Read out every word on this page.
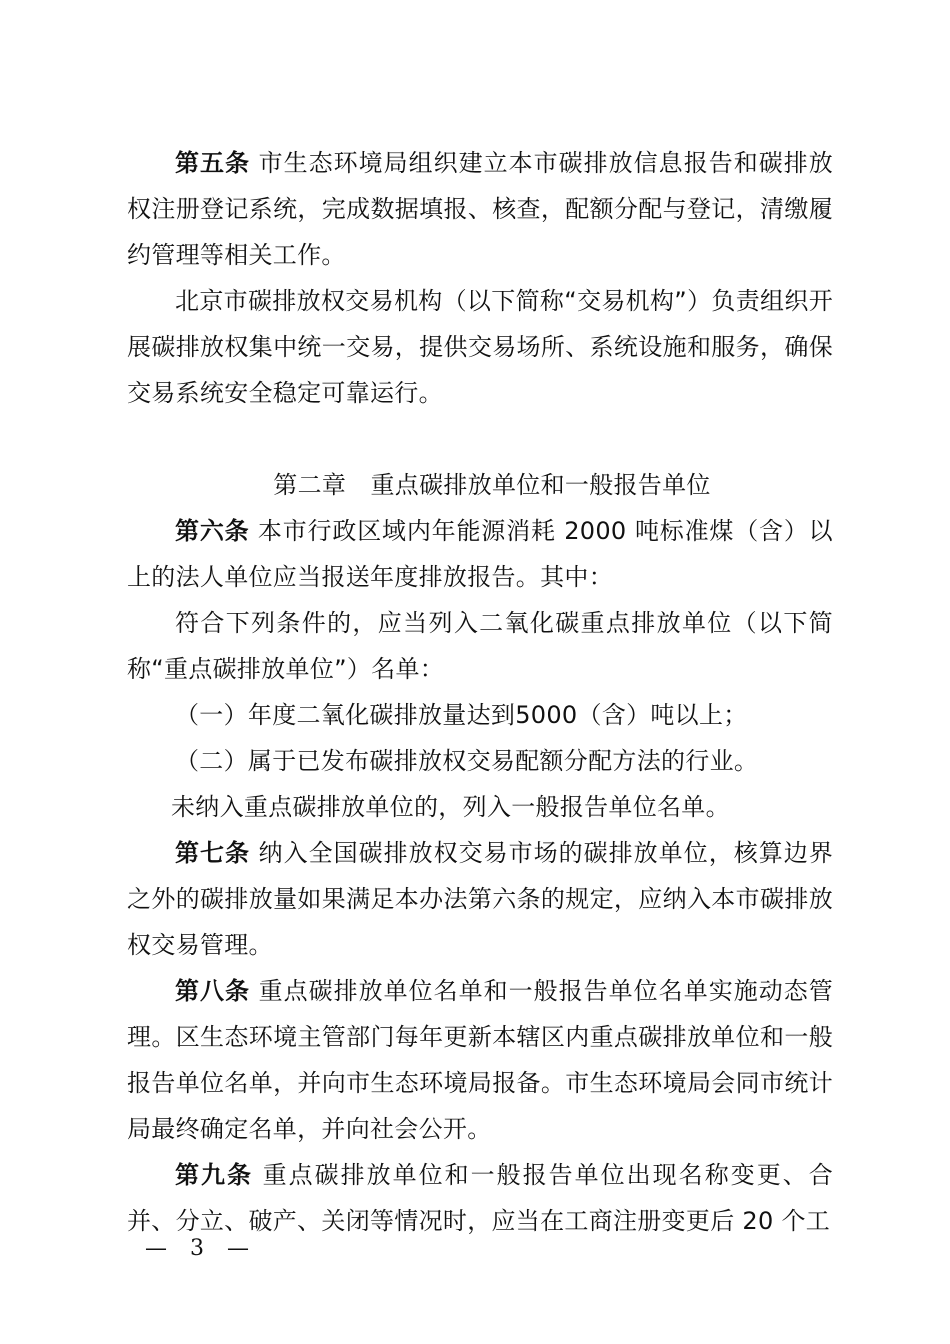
第五条 市生态环境局组织建立本市碳排放信息报告和碳排放权注册登记系统，完成数据填报、核查，配额分配与登记，清缴履约管理等相关工作。

北京市碳排放权交易机构（以下简称“交易机构”）负责组织开展碳排放权集中统一交易，提供交易场所、系统设施和服务，确保交易系统安全稳定可靠运行。

第二章　重点碳排放单位和一般报告单位

第六条 本市行政区域内年能源消耗 2000 吨标准煤（含）以上的法人单位应当报送年度排放报告。其中：

符合下列条件的，应当列入二氧化碳重点排放单位（以下简称“重点碳排放单位”）名单：

（一）年度二氧化碳排放量达到5000（含）吨以上；

（二）属于已发布碳排放权交易配额分配方法的行业。

未纳入重点碳排放单位的，列入一般报告单位名单。

第七条 纳入全国碳排放权交易市场的碳排放单位，核算边界之外的碳排放量如果满足本办法第六条的规定，应纳入本市碳排放权交易管理。

第八条 重点碳排放单位名单和一般报告单位名单实施动态管理。区生态环境主管部门每年更新本辖区内重点碳排放单位和一般报告单位名单，并向市生态环境局报备。市生态环境局会同市统计局最终确定名单，并向社会公开。

第九条 重点碳排放单位和一般报告单位出现名称变更、合并、分立、破产、关闭等情况时，应当在工商注册变更后 20 个工

— 3 —
